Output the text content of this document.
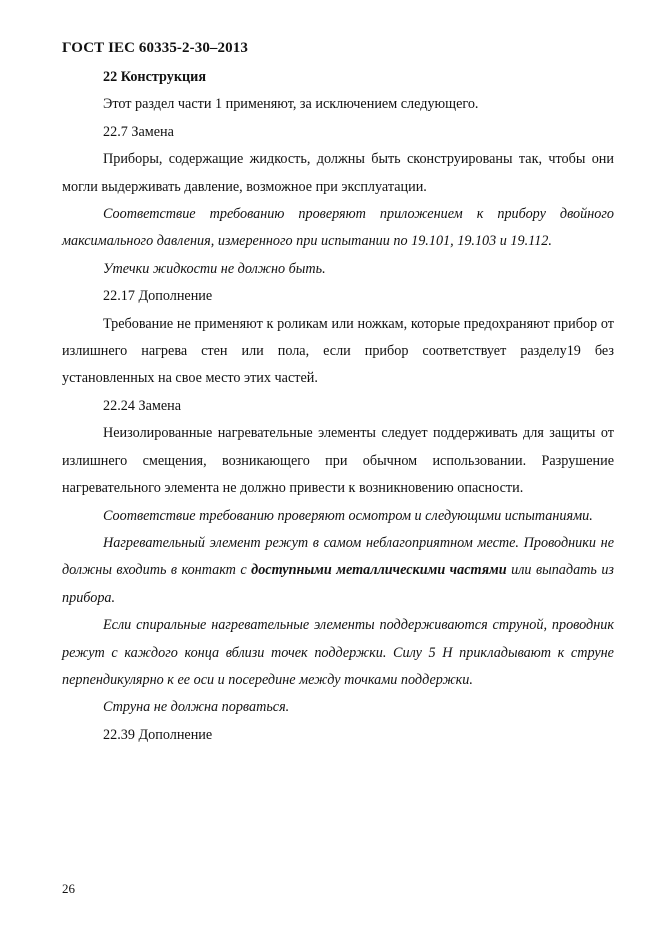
ГОСТ IEC 60335-2-30–2013

22 Конструкция

Этот раздел части 1 применяют, за исключением следующего.

22.7 Замена

Приборы, содержащие жидкость, должны быть сконструированы так, чтобы они могли выдерживать давление, возможное при эксплуатации.

Соответствие требованию проверяют приложением к прибору двойного максимального давления, измеренного при испытании по 19.101, 19.103 и 19.112.

Утечки жидкости не должно быть.

22.17 Дополнение

Требование не применяют к роликам или ножкам, которые предохраняют прибор от излишнего нагрева стен или пола, если прибор соответствует разделу19 без установленных на свое место этих частей.

22.24 Замена

Неизолированные нагревательные элементы следует поддерживать для защиты от излишнего смещения, возникающего при обычном использовании. Разрушение нагревательного элемента не должно привести к возникновению опасности.

Соответствие требованию проверяют осмотром и следующими испытаниями.

Нагревательный элемент режут в самом неблагоприятном месте. Проводники не должны входить в контакт с доступными металлическими частями или выпадать из прибора.

Если спиральные нагревательные элементы поддерживаются струной, проводник режут с каждого конца вблизи точек поддержки. Силу 5 Н прикладывают к струне перпендикулярно к ее оси и посередине между точками поддержки.

Струна не должна порваться.

22.39 Дополнение

26
